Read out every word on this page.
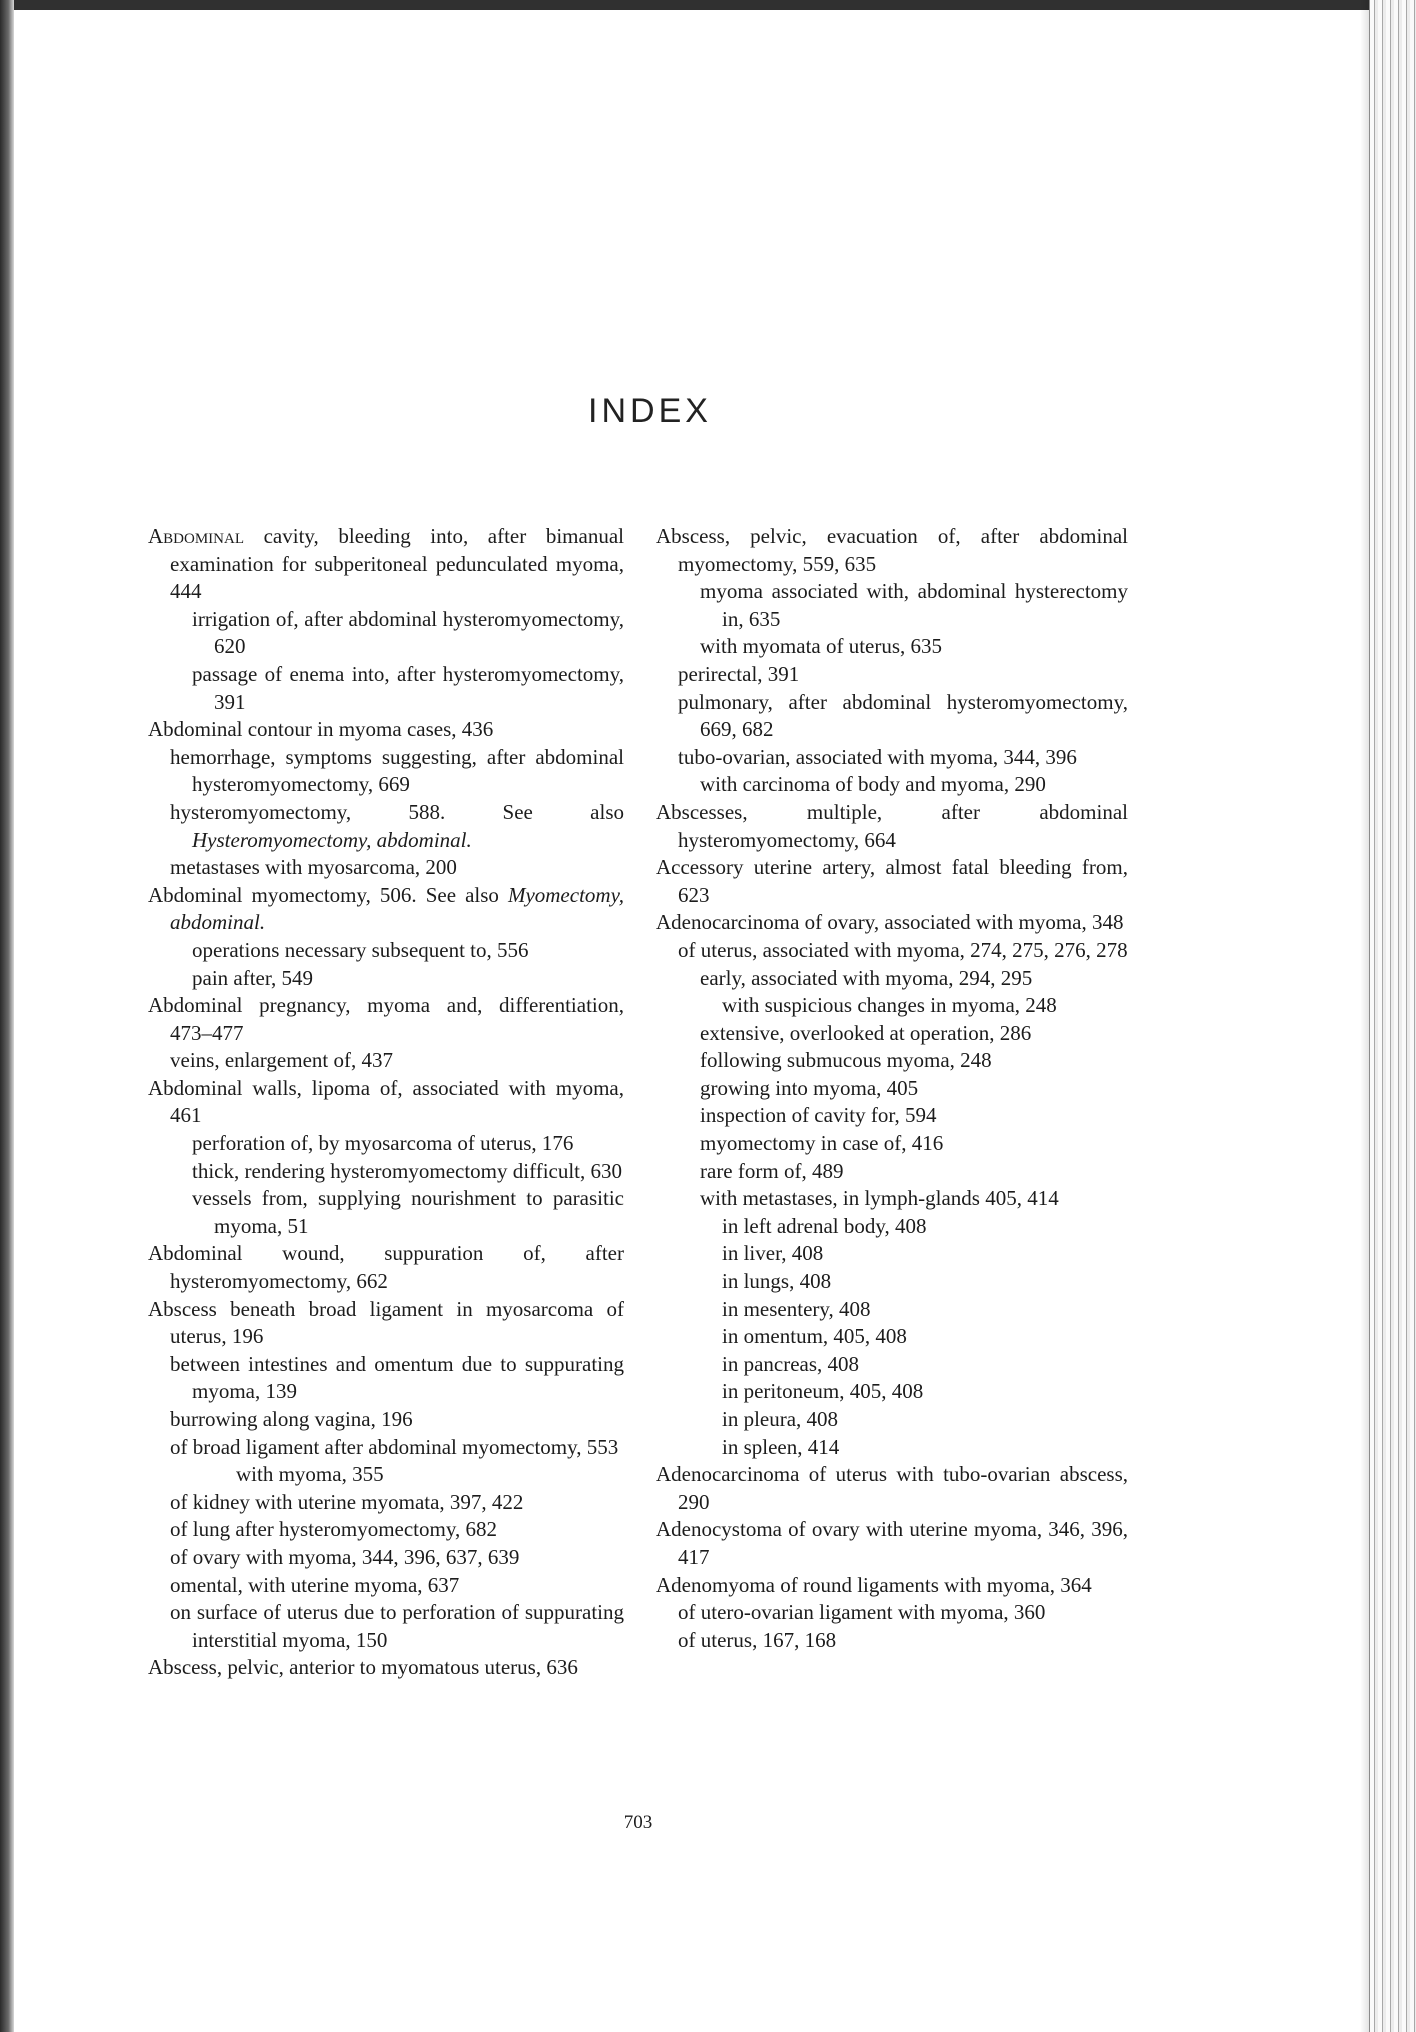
INDEX
Abdominal cavity, bleeding into, after bimanual examination for subperitoneal pedunculated myoma, 444
irrigation of, after abdominal hysteromyomectomy, 620
passage of enema into, after hysteromyomectomy, 391
Abdominal contour in myoma cases, 436
hemorrhage, symptoms suggesting, after abdominal hysteromyomectomy, 669
hysteromyomectomy, 588. See also Hysteromyomectomy, abdominal.
metastases with myosarcoma, 200
Abdominal myomectomy, 506. See also Myomectomy, abdominal.
operations necessary subsequent to, 556
pain after, 549
Abdominal pregnancy, myoma and, differentiation, 473–477
veins, enlargement of, 437
Abdominal walls, lipoma of, associated with myoma, 461
perforation of, by myosarcoma of uterus, 176
thick, rendering hysteromyomectomy difficult, 630
vessels from, supplying nourishment to parasitic myoma, 51
Abdominal wound, suppuration of, after hysteromyomectomy, 662
Abscess beneath broad ligament in myosarcoma of uterus, 196
between intestines and omentum due to suppurating myoma, 139
burrowing along vagina, 196
of broad ligament after abdominal myomectomy, 553
with myoma, 355
of kidney with uterine myomata, 397, 422
of lung after hysteromyomectomy, 682
of ovary with myoma, 344, 396, 637, 639
omental, with uterine myoma, 637
on surface of uterus due to perforation of suppurating interstitial myoma, 150
Abscess, pelvic, anterior to myomatous uterus, 636
Abscess, pelvic, evacuation of, after abdominal myomectomy, 559, 635
myoma associated with, abdominal hysterectomy in, 635
with myomata of uterus, 635
perirectal, 391
pulmonary, after abdominal hysteromyomectomy, 669, 682
tubo-ovarian, associated with myoma, 344, 396
with carcinoma of body and myoma, 290
Abscesses, multiple, after abdominal hysteromyomectomy, 664
Accessory uterine artery, almost fatal bleeding from, 623
Adenocarcinoma of ovary, associated with myoma, 348
of uterus, associated with myoma, 274, 275, 276, 278
early, associated with myoma, 294, 295
with suspicious changes in myoma, 248
extensive, overlooked at operation, 286
following submucous myoma, 248
growing into myoma, 405
inspection of cavity for, 594
myomectomy in case of, 416
rare form of, 489
with metastases, in lymph-glands 405, 414
in left adrenal body, 408
in liver, 408
in lungs, 408
in mesentery, 408
in omentum, 405, 408
in pancreas, 408
in peritoneum, 405, 408
in pleura, 408
in spleen, 414
Adenocarcinoma of uterus with tubo-ovarian abscess, 290
Adenocystoma of ovary with uterine myoma, 346, 396, 417
Adenomyoma of round ligaments with myoma, 364
of utero-ovarian ligament with myoma, 360
of uterus, 167, 168
703
